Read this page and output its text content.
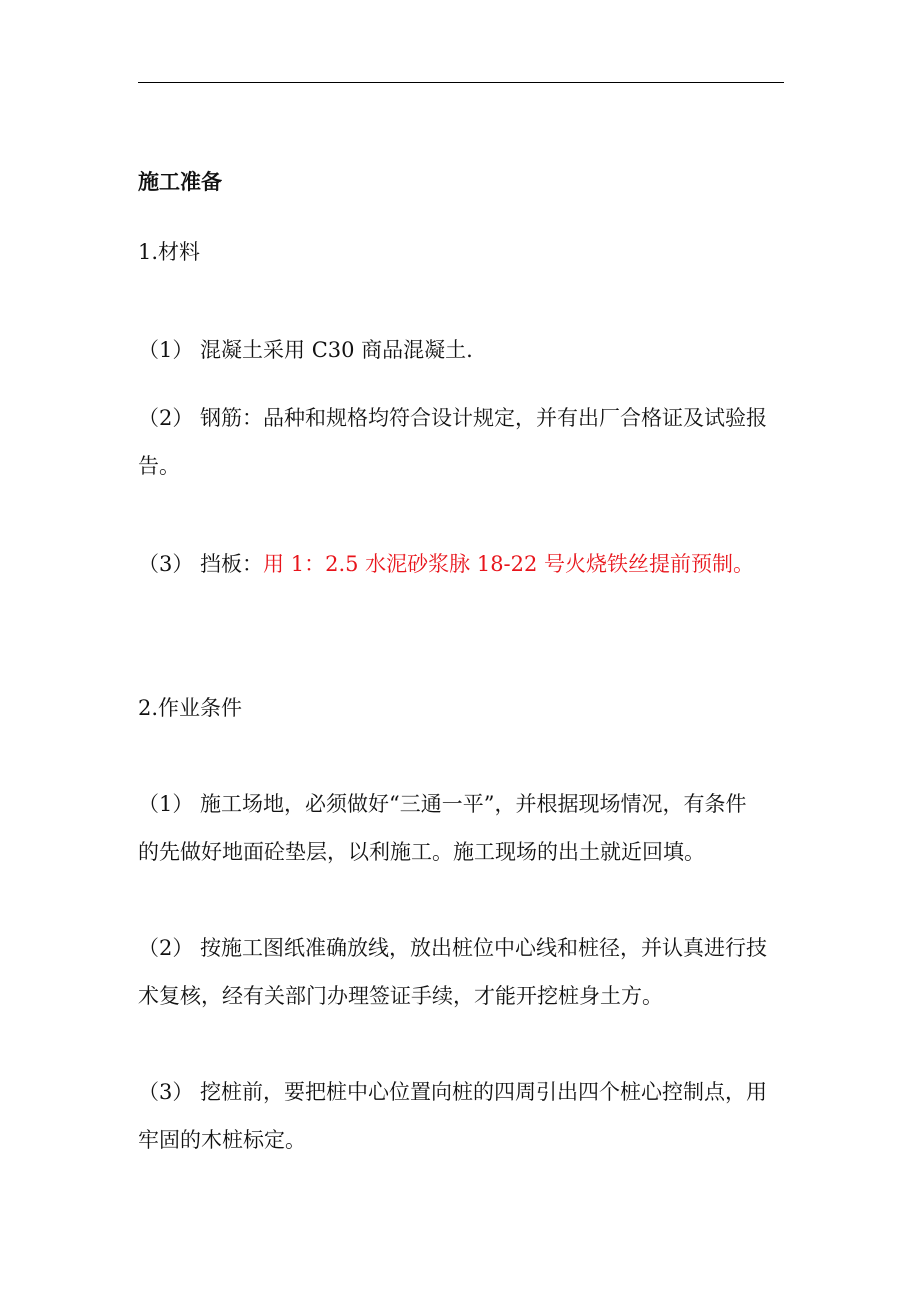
施工准备
1.材料
（1） 混凝土采用 C30 商品混凝土.
（2） 钢筋：品种和规格均符合设计规定，并有出厂合格证及试验报
告。
（3） 挡板：用 1：2.5 水泥砂浆脉 18-22 号火烧铁丝提前预制。
2.作业条件
（1） 施工场地，必须做好“三通一平”，并根据现场情况，有条件
的先做好地面砼垫层，以利施工。施工现场的出土就近回填。
（2） 按施工图纸准确放线，放出桩位中心线和桩径，并认真进行技
术复核，经有关部门办理签证手续，才能开挖桩身土方。
（3） 挖桩前，要把桩中心位置向桩的四周引出四个桩心控制点，用
牢固的木桩标定。
